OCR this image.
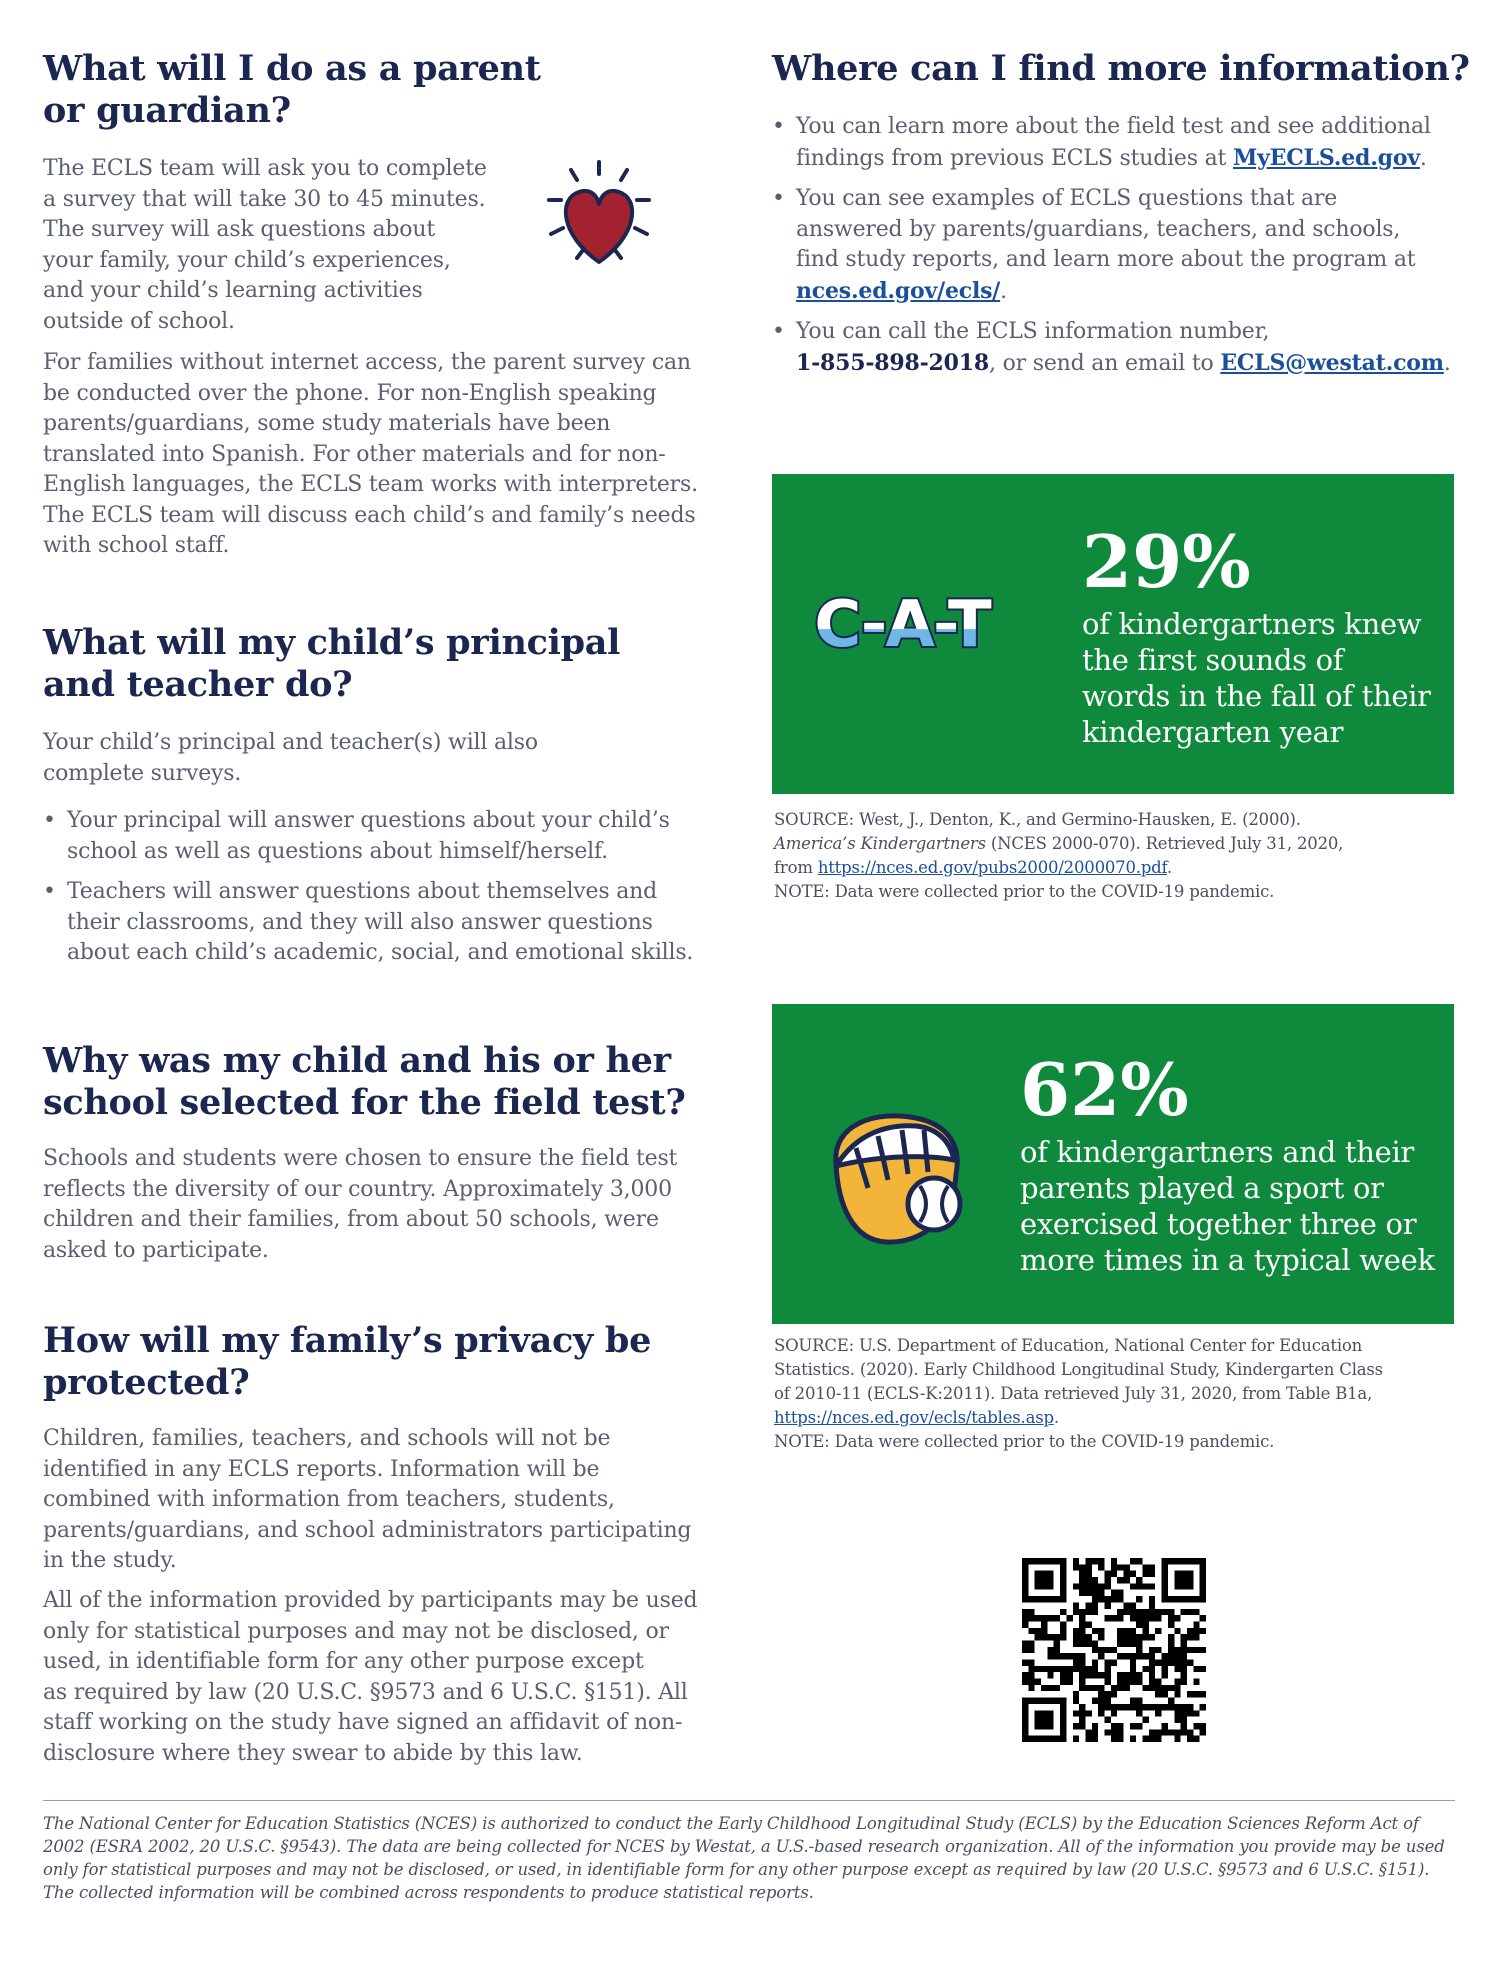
What will I do as a parent
or guardian?

The ECLS team will ask you to complete
a survey that will take 30 to 45 minutes.
The survey will ask questions about
your family, your child’s experiences,
and your child’s learning activities
outside of school.

For families without internet access, the parent survey can
be conducted over the phone. For non-English speaking
parents/guardians, some study materials have been
translated into Spanish. For other materials and for non-
English languages, the ECLS team works with interpreters.
The ECLS team will discuss each child’s and family’s needs
with school staff.

What will my child’s principal
and teacher do?

Your child’s principal and teacher(s) will also
complete surveys.

• Your principal will answer questions about your child’s
school as well as questions about himself/herself.
• Teachers will answer questions about themselves and
their classrooms, and they will also answer questions
about each child’s academic, social, and emotional skills.
Why was my child and his or her
school selected for the field test?

Schools and students were chosen to ensure the field test
reflects the diversity of our country. Approximately 3,000
children and their families, from about 50 schools, were
asked to participate.

How will my family’s privacy be
protected?

Children, families, teachers, and schools will not be
identified in any ECLS reports. Information will be
combined with information from teachers, students,
parents/guardians, and school administrators participating
in the study.

All of the information provided by participants may be used
only for statistical purposes and may not be disclosed, or
used, in identifiable form for any other purpose except
as required by law (20 U.S.C. §9573 and 6 U.S.C. §151). All
staff working on the study have signed an affidavit of non-
disclosure where they swear to abide by this law.

Where can I find more information?
• You can learn more about the field test and see additional
findings from previous ECLS studies at MyECLS.ed.gov.
• You can see examples of ECLS questions that are
answered by parents/guardians, teachers, and schools,
find study reports, and learn more about the program at
nces.ed.gov/ecls/.
• You can call the ECLS information number,
1-855-898-2018, or send an email to ECLS@westat.com.
C-A-T
29%
of kindergartners knew
the first sounds of
words in the fall of their
kindergarten year
SOURCE: West, J., Denton, K., and Germino-Hausken, E. (2000).
America’s Kindergartners (NCES 2000-070). Retrieved July 31, 2020,
from https://nces.ed.gov/pubs2000/2000070.pdf.
NOTE: Data were collected prior to the COVID-19 pandemic.
62%
of kindergartners and their
parents played a sport or
exercised together three or
more times in a typical week
SOURCE: U.S. Department of Education, National Center for Education
Statistics. (2020). Early Childhood Longitudinal Study, Kindergarten Class
of 2010-11 (ECLS-K:2011). Data retrieved July 31, 2020, from Table B1a,
https://nces.ed.gov/ecls/tables.asp.
NOTE: Data were collected prior to the COVID-19 pandemic.
The National Center for Education Statistics (NCES) is authorized to conduct the Early Childhood Longitudinal Study (ECLS) by the Education Sciences Reform Act of
2002 (ESRA 2002, 20 U.S.C. §9543). The data are being collected for NCES by Westat, a U.S.-based research organization. All of the information you provide may be used
only for statistical purposes and may not be disclosed, or used, in identifiable form for any other purpose except as required by law (20 U.S.C. §9573 and 6 U.S.C. §151).
The collected information will be combined across respondents to produce statistical reports.
